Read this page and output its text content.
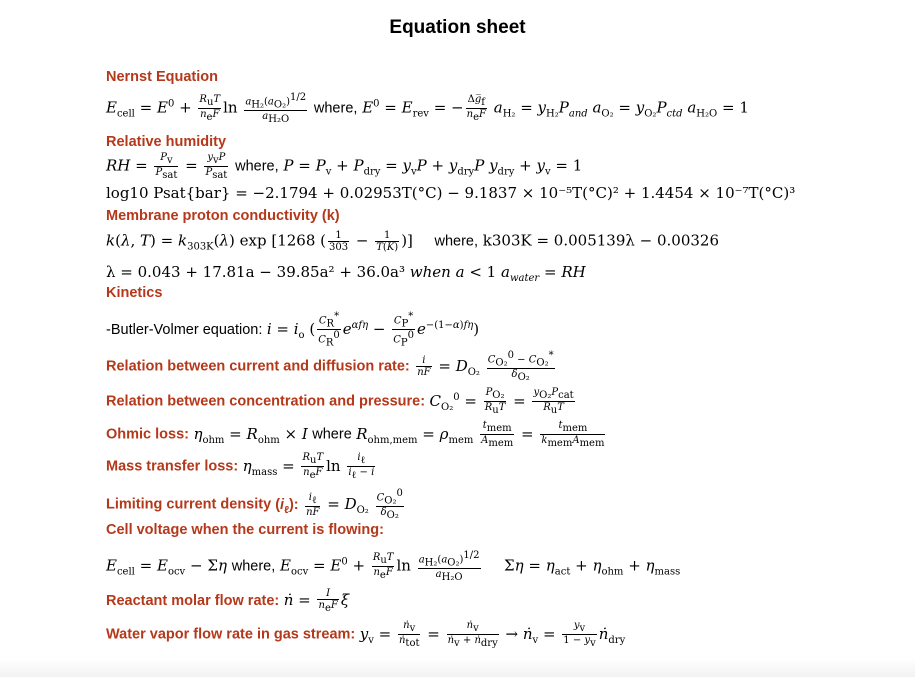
Equation sheet
Nernst Equation
$E_{cell} = E^0 + \frac{R_uT}{n_eF}$ $\ln \frac{a_{H_2}(a_{O_2})^{1/2}}{a_{H_2O}}$ where, $E^0 = E_{rev}$ = − $\frac{\Delta g̅_f}{n_eF} a_{H_2} = y_{H_2}P_{and}$ $a_{O_2} = y_{O_2}P_{ctd}$ $a_{H_2O} = 1$
Relative humidity
RH = $\frac{P_v}{P_{sat}} = \frac{y_vP}{P_{sat}}$ where, $P = P_v + P_{dry} = y_vP + y_{dry}P$ $y_{dry} + y_v = 1$
log10 Psat{bar} = −2.1794 + 0.02953T(°C) − 9.1837 × 10⁻⁵T(°C)² + 1.4454 × 10⁻⁷T(°C)³
Membrane proton conductivity (k)
k(λ, $T) = k_{303K}(\lambda)$ exp [1268 ( $\frac{1}{303} - \frac{1}{T(K)}$ )]  where, k303K = 0.005139λ − 0.00326
λ = 0.043 + 17.81a − 39.85a² + 36.0a³ when a < 1 $a_{water}$ = RH
Kinetics
-Butler-Volmer equation: $i = i_o$ ( $\frac{C_R^*}{C_R^0} e^{\alpha f\eta} - \frac{C_P^*}{C_P^0} e^{-(1-\alpha)f\eta}$)
Relation between current and diffusion rate: $\frac{i}{nF} = D_{O_2} \frac{C_{O_2}^0 - C_{O_2}^*}{\delta_{O_2}}$
Relation between concentration and pressure: $C_{O_2}^0 = \frac{P_{O_2}}{R_uT} = \frac{y_{O_2}P_{cat}}{R_uT}$
Ohmic loss: $\eta_{ohm} = R_{ohm} \times I$ where $R_{ohm,mem} = \rho_{mem} \frac{t_{mem}}{A_{mem}} = \frac{t_{mem}}{k_{mem}A_{mem}}$
Mass transfer loss: $\eta_{mass} = \frac{R_uT}{n_eF}$ $\ln \frac{i_\ell}{i_\ell - i}$
Limiting current density $(i_\ell)$: $\frac{i_\ell}{nF} = D_{O_2} \frac{C_{O_2}^0}{\delta_{O_2}}$
Cell voltage when the current is flowing:
$E_{cell} = E_{ocv} - \Sigma\eta$ where, $E_{ocv} = E^0 + \frac{R_uT}{n_eF}$ $\ln \frac{a_{H_2}(a_{O_2})^{1/2}}{a_{H_2O}}$ $\Sigma\eta = \eta_{act} + \eta_{ohm} + \eta_{mass}$
Reactant molar flow rate: ṅ = $\frac{I}{n_eF}$ ξ
Water vapor flow rate in gas stream: $y_v = \frac{ṅ_v}{ṅ_{tot}} = \frac{ṅ_v}{ṅ_v + ṅ_{dry}}$ → ṅ$_v$ = $\frac{y_v}{1 - y_v}$ ṅ$_{dry}$
